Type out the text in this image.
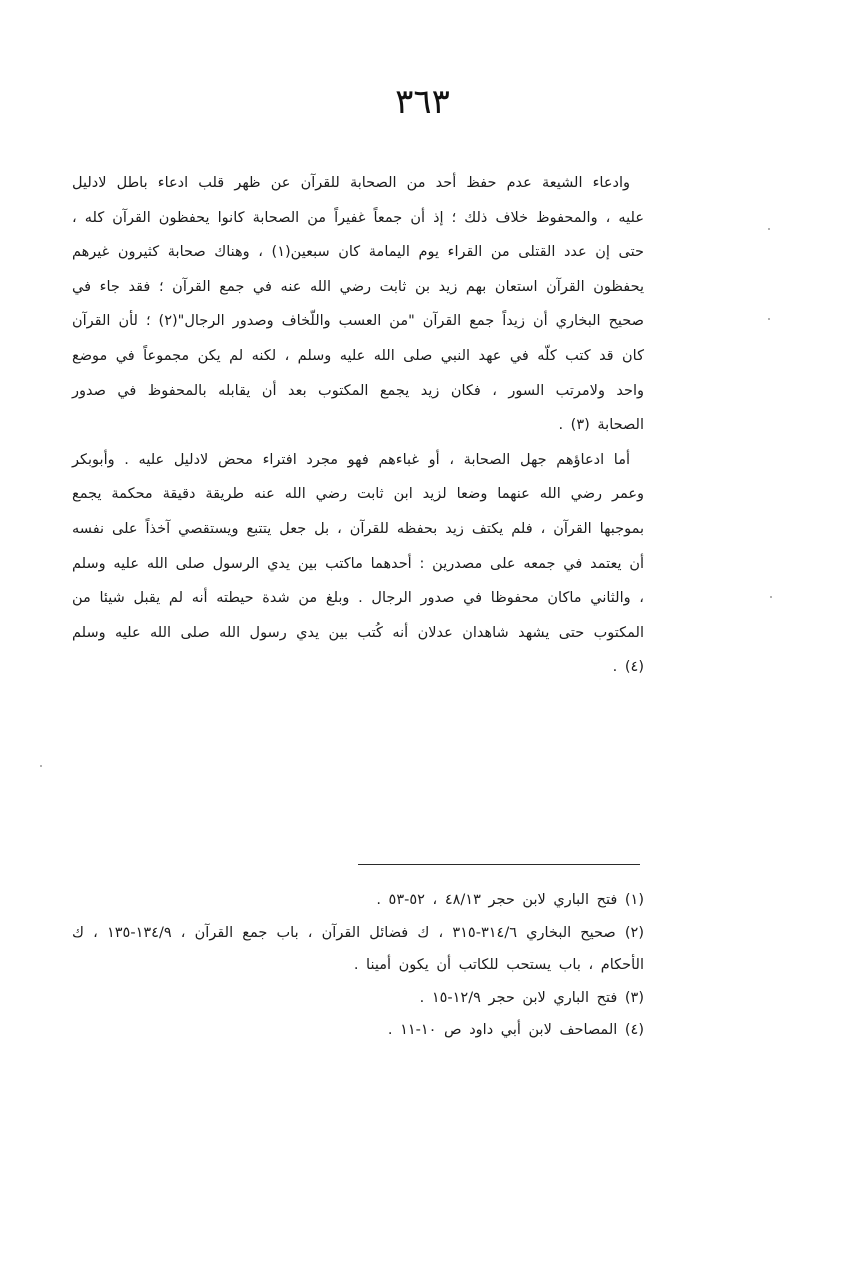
٣٦٣

وادعاء الشيعة عدم حفظ أحد من الصحابة للقرآن عن ظهر قلب ادعاء باطل لادليل عليه ، والمحفوظ خلاف ذلك ؛ إذ أن جمعاً غفيراً من الصحابة كانوا يحفظون القرآن كله ، حتى إن عدد القتلى من القراء يوم اليمامة كان سبعين(١) ، وهناك صحابة كثيرون غيرهم يحفظون القرآن استعان بهم زيد بن ثابت رضي الله عنه في جمع القرآن ؛ فقد جاء في صحيح البخاري أن زيداً جمع القرآن "من العسب واللّخاف وصدور الرجال"(٢) ؛ لأن القرآن كان قد كتب كلّه في عهد النبي صلى الله عليه وسلم ، لكنه لم يكن مجموعاً في موضع واحد ولامرتب السور ، فكان زيد يجمع المكتوب بعد أن يقابله بالمحفوظ في صدور الصحابة (٣) .

أما ادعاؤهم جهل الصحابة ، أو غباءهم فهو مجرد افتراء محض لادليل عليه . وأبوبكر وعمر رضي الله عنهما وضعا لزيد ابن ثابت رضي الله عنه طريقة دقيقة محكمة يجمع بموجبها القرآن ، فلم يكتف زيد بحفظه للقرآن ، بل جعل يتتبع ويستقصي آخذاً على نفسه أن يعتمد في جمعه على مصدرين : أحدهما ماكتب بين يدي الرسول صلى الله عليه وسلم ، والثاني ماكان محفوظا في صدور الرجال . وبلغ من شدة حيطته أنه لم يقبل شيئا من المكتوب حتى يشهد شاهدان عدلان أنه كُتب بين يدي رسول الله صلى الله عليه وسلم (٤) .

(١) فتح الباري لابن حجر ٤٨/١٣ ، ٥٢-٥٣ .

(٢) صحيح البخاري ٣١٤/٦-٣١٥ ، ك فضائل القرآن ، باب جمع القرآن ، ١٣٤/٩-١٣٥ ، ك الأحكام ، باب يستحب للكاتب أن يكون أمينا .

(٣) فتح الباري لابن حجر ١٢/٩-١٥ .

(٤) المصاحف لابن أبي داود ص ١٠-١١ .
